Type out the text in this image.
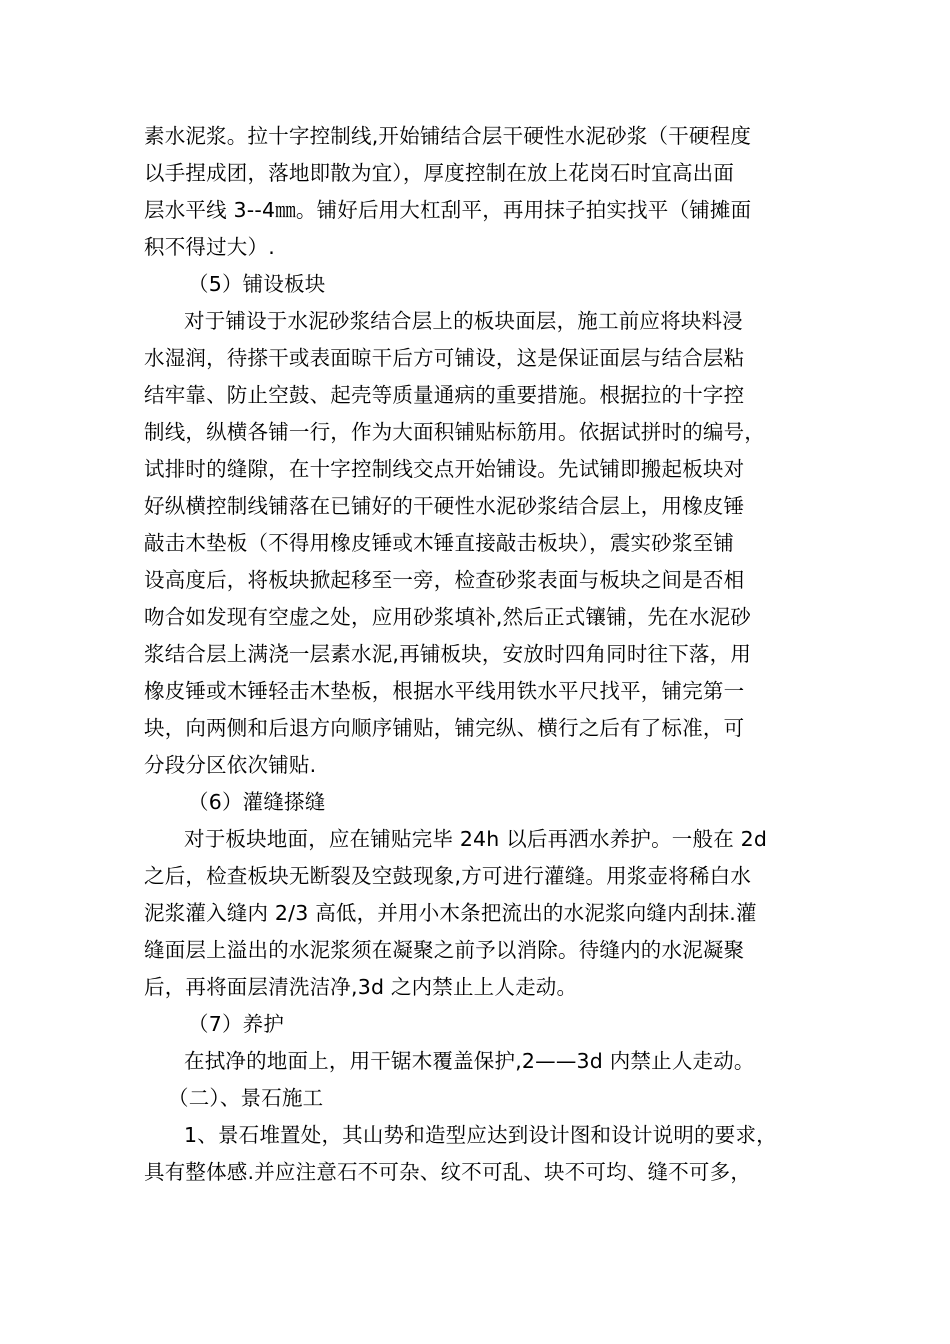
素水泥浆。拉十字控制线,开始铺结合层干硬性水泥砂浆（干硬程度
以手捏成团，落地即散为宜），厚度控制在放上花岗石时宜高出面
层水平线 3--4㎜。铺好后用大杠刮平，再用抹子拍实找平（铺摊面
积不得过大）.
（5）铺设板块
对于铺设于水泥砂浆结合层上的板块面层，施工前应将块料浸
水湿润，待搽干或表面晾干后方可铺设，这是保证面层与结合层粘
结牢靠、防止空鼓、起壳等质量通病的重要措施。根据拉的十字控
制线，纵横各铺一行，作为大面积铺贴标筋用。依据试拼时的编号，
试排时的缝隙，在十字控制线交点开始铺设。先试铺即搬起板块对
好纵横控制线铺落在已铺好的干硬性水泥砂浆结合层上，用橡皮锤
敲击木垫板（不得用橡皮锤或木锤直接敲击板块），震实砂浆至铺
设高度后，将板块掀起移至一旁，检查砂浆表面与板块之间是否相
吻合如发现有空虚之处，应用砂浆填补,然后正式镶铺，先在水泥砂
浆结合层上满浇一层素水泥,再铺板块，安放时四角同时往下落，用
橡皮锤或木锤轻击木垫板，根据水平线用铁水平尺找平，铺完第一
块，向两侧和后退方向顺序铺贴，铺完纵、横行之后有了标准，可
分段分区依次铺贴.
（6）灌缝搽缝
对于板块地面，应在铺贴完毕 24h 以后再洒水养护。一般在 2d
之后，检查板块无断裂及空鼓现象,方可进行灌缝。用浆壶将稀白水
泥浆灌入缝内 2/3 高低，并用小木条把流出的水泥浆向缝内刮抹.灌
缝面层上溢出的水泥浆须在凝聚之前予以消除。待缝内的水泥凝聚
后，再将面层清洗洁净,3d 之内禁止上人走动。
（7）养护
在拭净的地面上，用干锯木覆盖保护,2——3d 内禁止人走动。
（二）、景石施工
1、景石堆置处，其山势和造型应达到设计图和设计说明的要求，
具有整体感.并应注意石不可杂、纹不可乱、块不可均、缝不可多，
